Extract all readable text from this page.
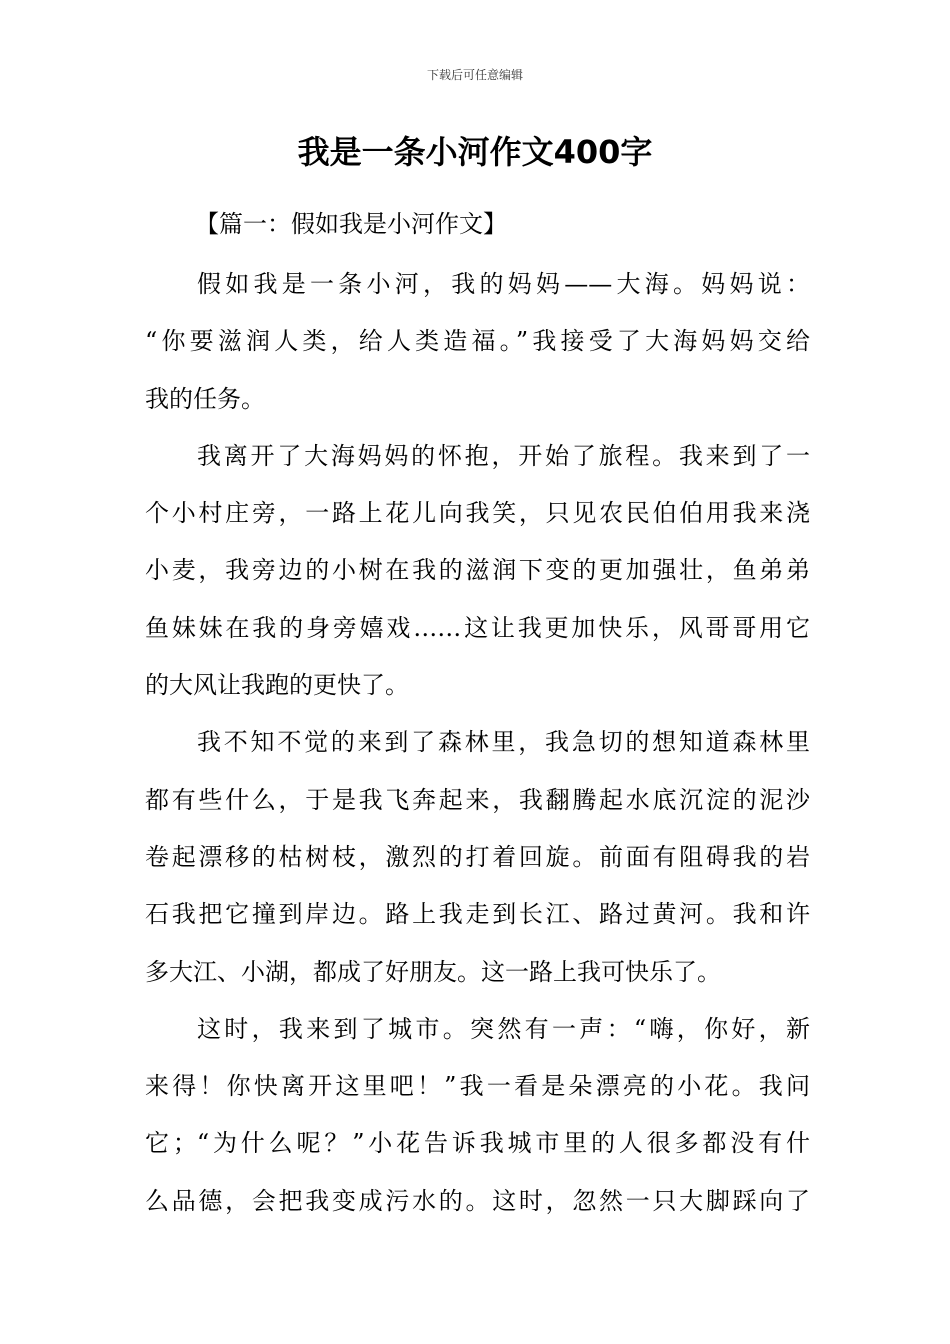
下载后可任意编辑
我是一条小河作文400字
【篇一：假如我是小河作文】
假如我是一条小河，我的妈妈——大海。妈妈说：
“你要滋润人类，给人类造福。”我接受了大海妈妈交给
我的任务。
我离开了大海妈妈的怀抱，开始了旅程。我来到了一
个小村庄旁，一路上花儿向我笑，只见农民伯伯用我来浇
小麦，我旁边的小树在我的滋润下变的更加强壮，鱼弟弟
鱼妹妹在我的身旁嬉戏……这让我更加快乐，风哥哥用它
的大风让我跑的更快了。
我不知不觉的来到了森林里，我急切的想知道森林里
都有些什么，于是我飞奔起来，我翻腾起水底沉淀的泥沙
卷起漂移的枯树枝，激烈的打着回旋。前面有阻碍我的岩
石我把它撞到岸边。路上我走到长江、路过黄河。我和许
多大江、小湖，都成了好朋友。这一路上我可快乐了。
这时，我来到了城市。突然有一声：“嗨，你好，新
来得！你快离开这里吧！”我一看是朵漂亮的小花。我问
它；“为什么呢？”小花告诉我城市里的人很多都没有什
么品德，会把我变成污水的。这时，忽然一只大脚踩向了
